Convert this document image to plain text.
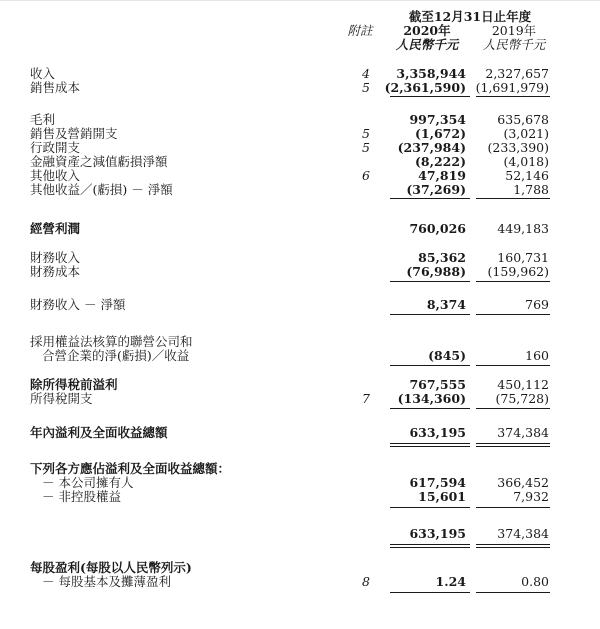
截至12月31日止年度
附註	2020年
人民幣千元
2019年
人民幣千元
收入	4	3,358,944 2,327,657
銷售成本	5	(2,361,590) (1,691,979)
毛利	997,354	635,678
銷售及營銷開支	5	(1,672)	(3,021)
行政開支	5	(237,984) (233,390)
金融資產之減值虧損淨額	(8,222)	(4,018)
其他收入	6	47,819	52,146
其他收益／(虧損) － 淨額	(37,269)	1,788
經營利潤	760,026	449,183
財務收入	85,362	160,731
財務成本	(76,988) (159,962)
財務收入 － 淨額	8,374	769
採用權益法核算的聯營公司和
合營企業的淨(虧損)／收益	(845)	160
除所得稅前溢利	767,555	450,112
所得稅開支	7	(134,360) (75,728)
年內溢利及全面收益總額	633,195	374,384
下列各方應佔溢利及全面收益總額：
－ 本公司擁有人	617,594	366,452
－ 非控股權益	15,601	7,932
633,195	374,384
每股盈利(每股以人民幣列示)
－ 每股基本及攤薄盈利	8	1.24	0.80
